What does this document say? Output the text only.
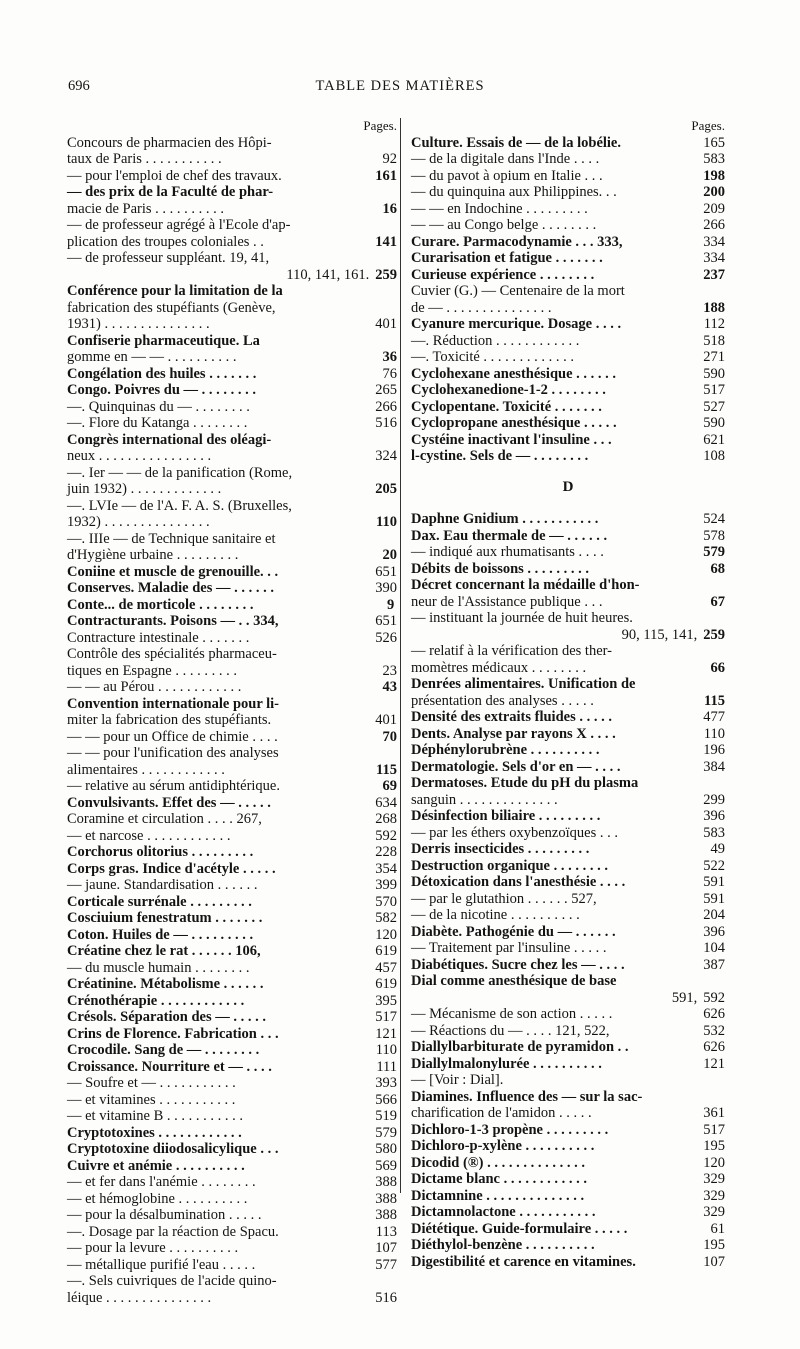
696	TABLE DES MATIÈRES
Pages.
Concours de pharmacien des Hôpi-
92
taux de Paris . . . . . . . . . . .
161
— pour l'emploi de chef des travaux.
— des prix de la Faculté de phar-
16
macie de Paris . . . . . . . . . .
— de professeur agrégé à l'Ecole d'ap-
141
plication des troupes coloniales . .
— de professeur suppléant. 19, 41,
259
110, 141, 161.
Conférence pour la limitation de la
fabrication des stupéfiants (Genève,
401
1931) . . . . . . . . . . . . . . .
Confiserie pharmaceutique. La
36
gomme en — — . . . . . . . . . .
76
Congélation des huiles . . . . . . .
265
Congo. Poivres du — . . . . . . . .
266
—. Quinquinas du — . . . . . . . .
516
—. Flore du Katanga . . . . . . . .
Congrès international des oléagi-
324
neux . . . . . . . . . . . . . . . .
—. Ier — — de la panification (Rome,
205
juin 1932) . . . . . . . . . . . . .
—. LVIe — de l'A. F. A. S. (Bruxelles,
110
1932) . . . . . . . . . . . . . . .
—. IIIe — de Technique sanitaire et
20
d'Hygiène urbaine . . . . . . . . .
651
Coniine et muscle de grenouille. . .
390
Conserves. Maladie des — . . . . . .
9
Conte... de morticole . . . . . . . .
651
Contracturants. Poisons — . . 334,
526
Contracture intestinale . . . . . . .
Contrôle des spécialités pharmaceu-
23
tiques en Espagne . . . . . . . . .
43
— — au Pérou . . . . . . . . . . . .
Convention internationale pour li-
401
miter la fabrication des stupéfiants.
70
— — pour un Office de chimie . . . .
— — pour l'unification des analyses
115
alimentaires . . . . . . . . . . . .
69
— relative au sérum antidiphtérique.
634
Convulsivants. Effet des — . . . . .
268
Coramine et circulation . . . . 267,
592
— et narcose . . . . . . . . . . . .
228
Corchorus olitorius . . . . . . . . .
354
Corps gras. Indice d'acétyle . . . . .
399
— jaune. Standardisation . . . . . .
570
Corticale surrénale . . . . . . . . .
582
Cosciuium fenestratum . . . . . . .
120
Coton. Huiles de — . . . . . . . . .
619
Créatine chez le rat . . . . . . 106,
457
— du muscle humain . . . . . . . .
619
Créatinine. Métabolisme . . . . . .
395
Crénothérapie . . . . . . . . . . . .
517
Crésols. Séparation des — . . . . .
121
Crins de Florence. Fabrication . . .
110
Crocodile. Sang de — . . . . . . . .
111
Croissance. Nourriture et — . . . .
393
— Soufre et — . . . . . . . . . . .
566
— et vitamines . . . . . . . . . . .
519
— et vitamine B . . . . . . . . . . .
579
Cryptotoxines . . . . . . . . . . . .
580
Cryptotoxine diiodosalicylique . . .
569
Cuivre et anémie . . . . . . . . . .
388
— et fer dans l'anémie . . . . . . . .
388
— et hémoglobine . . . . . . . . . .
388
— pour la désalbumination . . . . .
113
—. Dosage par la réaction de Spacu.
107
— pour la levure . . . . . . . . . .
577
— métallique purifié l'eau . . . . .
—. Sels cuivriques de l'acide quino-
516
léique . . . . . . . . . . . . . . .
Pages.
165
Culture. Essais de — de la lobélie.
583
— de la digitale dans l'Inde . . . .
198
— du pavot à opium en Italie . . .
200
— du quinquina aux Philippines. . .
209
— — en Indochine . . . . . . . . .
266
— — au Congo belge . . . . . . . .
334
Curare. Parmacodynamie . . . 333,
334
Curarisation et fatigue . . . . . . .
237
Curieuse expérience . . . . . . . .
Cuvier (G.) — Centenaire de la mort
188
de — . . . . . . . . . . . . . . .
112
Cyanure mercurique. Dosage . . . .
518
—. Réduction . . . . . . . . . . . .
271
—. Toxicité . . . . . . . . . . . . .
590
Cyclohexane anesthésique . . . . . .
517
Cyclohexanedione-1-2 . . . . . . . .
527
Cyclopentane. Toxicité . . . . . . .
590
Cyclopropane anesthésique . . . . .
621
Cystéine inactivant l'insuline . . .
108
l-cystine. Sels de — . . . . . . . .
D
524
Daphne Gnidium . . . . . . . . . . .
578
Dax. Eau thermale de — . . . . . .
579
— indiqué aux rhumatisants . . . .
68
Débits de boissons . . . . . . . . .
Décret concernant la médaille d'hon-
67
neur de l'Assistance publique . . .
— instituant la journée de huit heures.
259
90, 115, 141,
— relatif à la vérification des ther-
66
momètres médicaux . . . . . . . .
Denrées alimentaires. Unification de
115
présentation des analyses . . . . .
477
Densité des extraits fluides . . . . .
110
Dents. Analyse par rayons X . . . .
196
Déphénylorubrène . . . . . . . . . .
384
Dermatologie. Sels d'or en — . . . .
Dermatoses. Etude du pH du plasma
299
sanguin . . . . . . . . . . . . . .
396
Désinfection biliaire . . . . . . . . .
583
— par les éthers oxybenzoïques . . .
49
Derris insecticides . . . . . . . . .
522
Destruction organique . . . . . . . .
591
Détoxication dans l'anesthésie . . . .
591
— par le glutathion . . . . . . 527,
204
— de la nicotine . . . . . . . . . .
396
Diabète. Pathogénie du — . . . . . .
104
— Traitement par l'insuline . . . . .
387
Diabétiques. Sucre chez les — . . . .
Dial comme anesthésique de base
592
591,
626
— Mécanisme de son action . . . . .
532
— Réactions du — . . . . 121, 522,
626
Diallylbarbiturate de pyramidon . .
121
Diallylmalonylurée . . . . . . . . . .
— [Voir : Dial].
Diamines. Influence des — sur la sac-
361
charification de l'amidon . . . . .
517
Dichloro-1-3 propène . . . . . . . . .
195
Dichloro-p-xylène . . . . . . . . . .
120
Dicodid (®) . . . . . . . . . . . . . .
329
Dictame blanc . . . . . . . . . . . .
329
Dictamnine . . . . . . . . . . . . . .
329
Dictamnolactone . . . . . . . . . . .
61
Diététique. Guide-formulaire . . . . .
195
Diéthylol-benzène . . . . . . . . . .
107
Digestibilité et carence en vitamines.
